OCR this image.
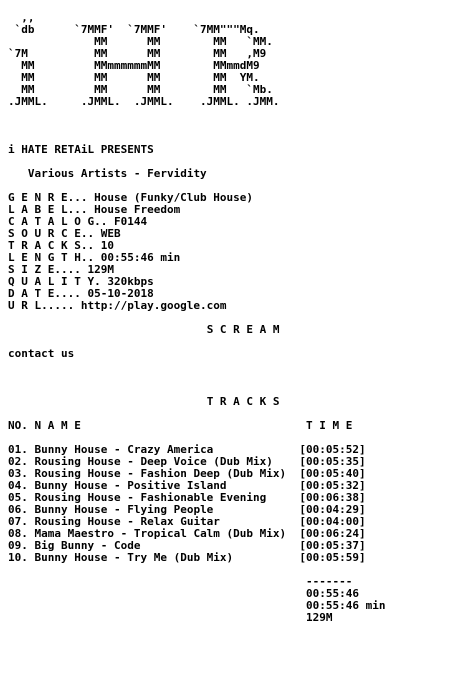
,,
`db      `7MMF'  `7MMF'    `7MM"""Mq.
MM      MM        MM   `MM.
`7M          MM      MM        MM   ,M9
MM         MMmmmmmmMM        MMmmdM9
MM         MM      MM        MM  YM.
MM         MM      MM        MM   `Mb.
.JMML.     .JMML.  .JMML.    .JMML. .JMM.

i HATE RETAiL PRESENTS

Various Artists - Fervidity

G E N R E... House (Funky/Club House)
L A B E L... House Freedom
C A T A L O G.. F0144
S O U R C E.. WEB
T R A C K S.. 10
L E N G T H.. 00:55:46 min
S I Z E.... 129M
Q U A L I T Y. 320kbps
D A T E.... 05-10-2018
U R L..... http://play.google.com

S C R E A M

contact us

T R A C K S

NO. N A M E	T I M E

01. Bunny House - Crazy America	[00:05:52]
02. Rousing House - Deep Voice (Dub Mix) [00:05:35]
03. Rousing House - Fashion Deep (Dub Mix) [00:05:40]
04. Bunny House - Positive Island	[00:05:32]
05. Rousing House - Fashionable Evening	[00:06:38]
06. Bunny House - Flying People	[00:04:29]
07. Rousing House - Relax Guitar	[00:04:00]
08. Mama Maestro - Tropical Calm (Dub Mix) [00:06:24]
09. Big Bunny - Code	[00:05:37]
10. Bunny House - Try Me (Dub Mix)	[00:05:59]

-------
00:55:46
00:55:46 min
129M
